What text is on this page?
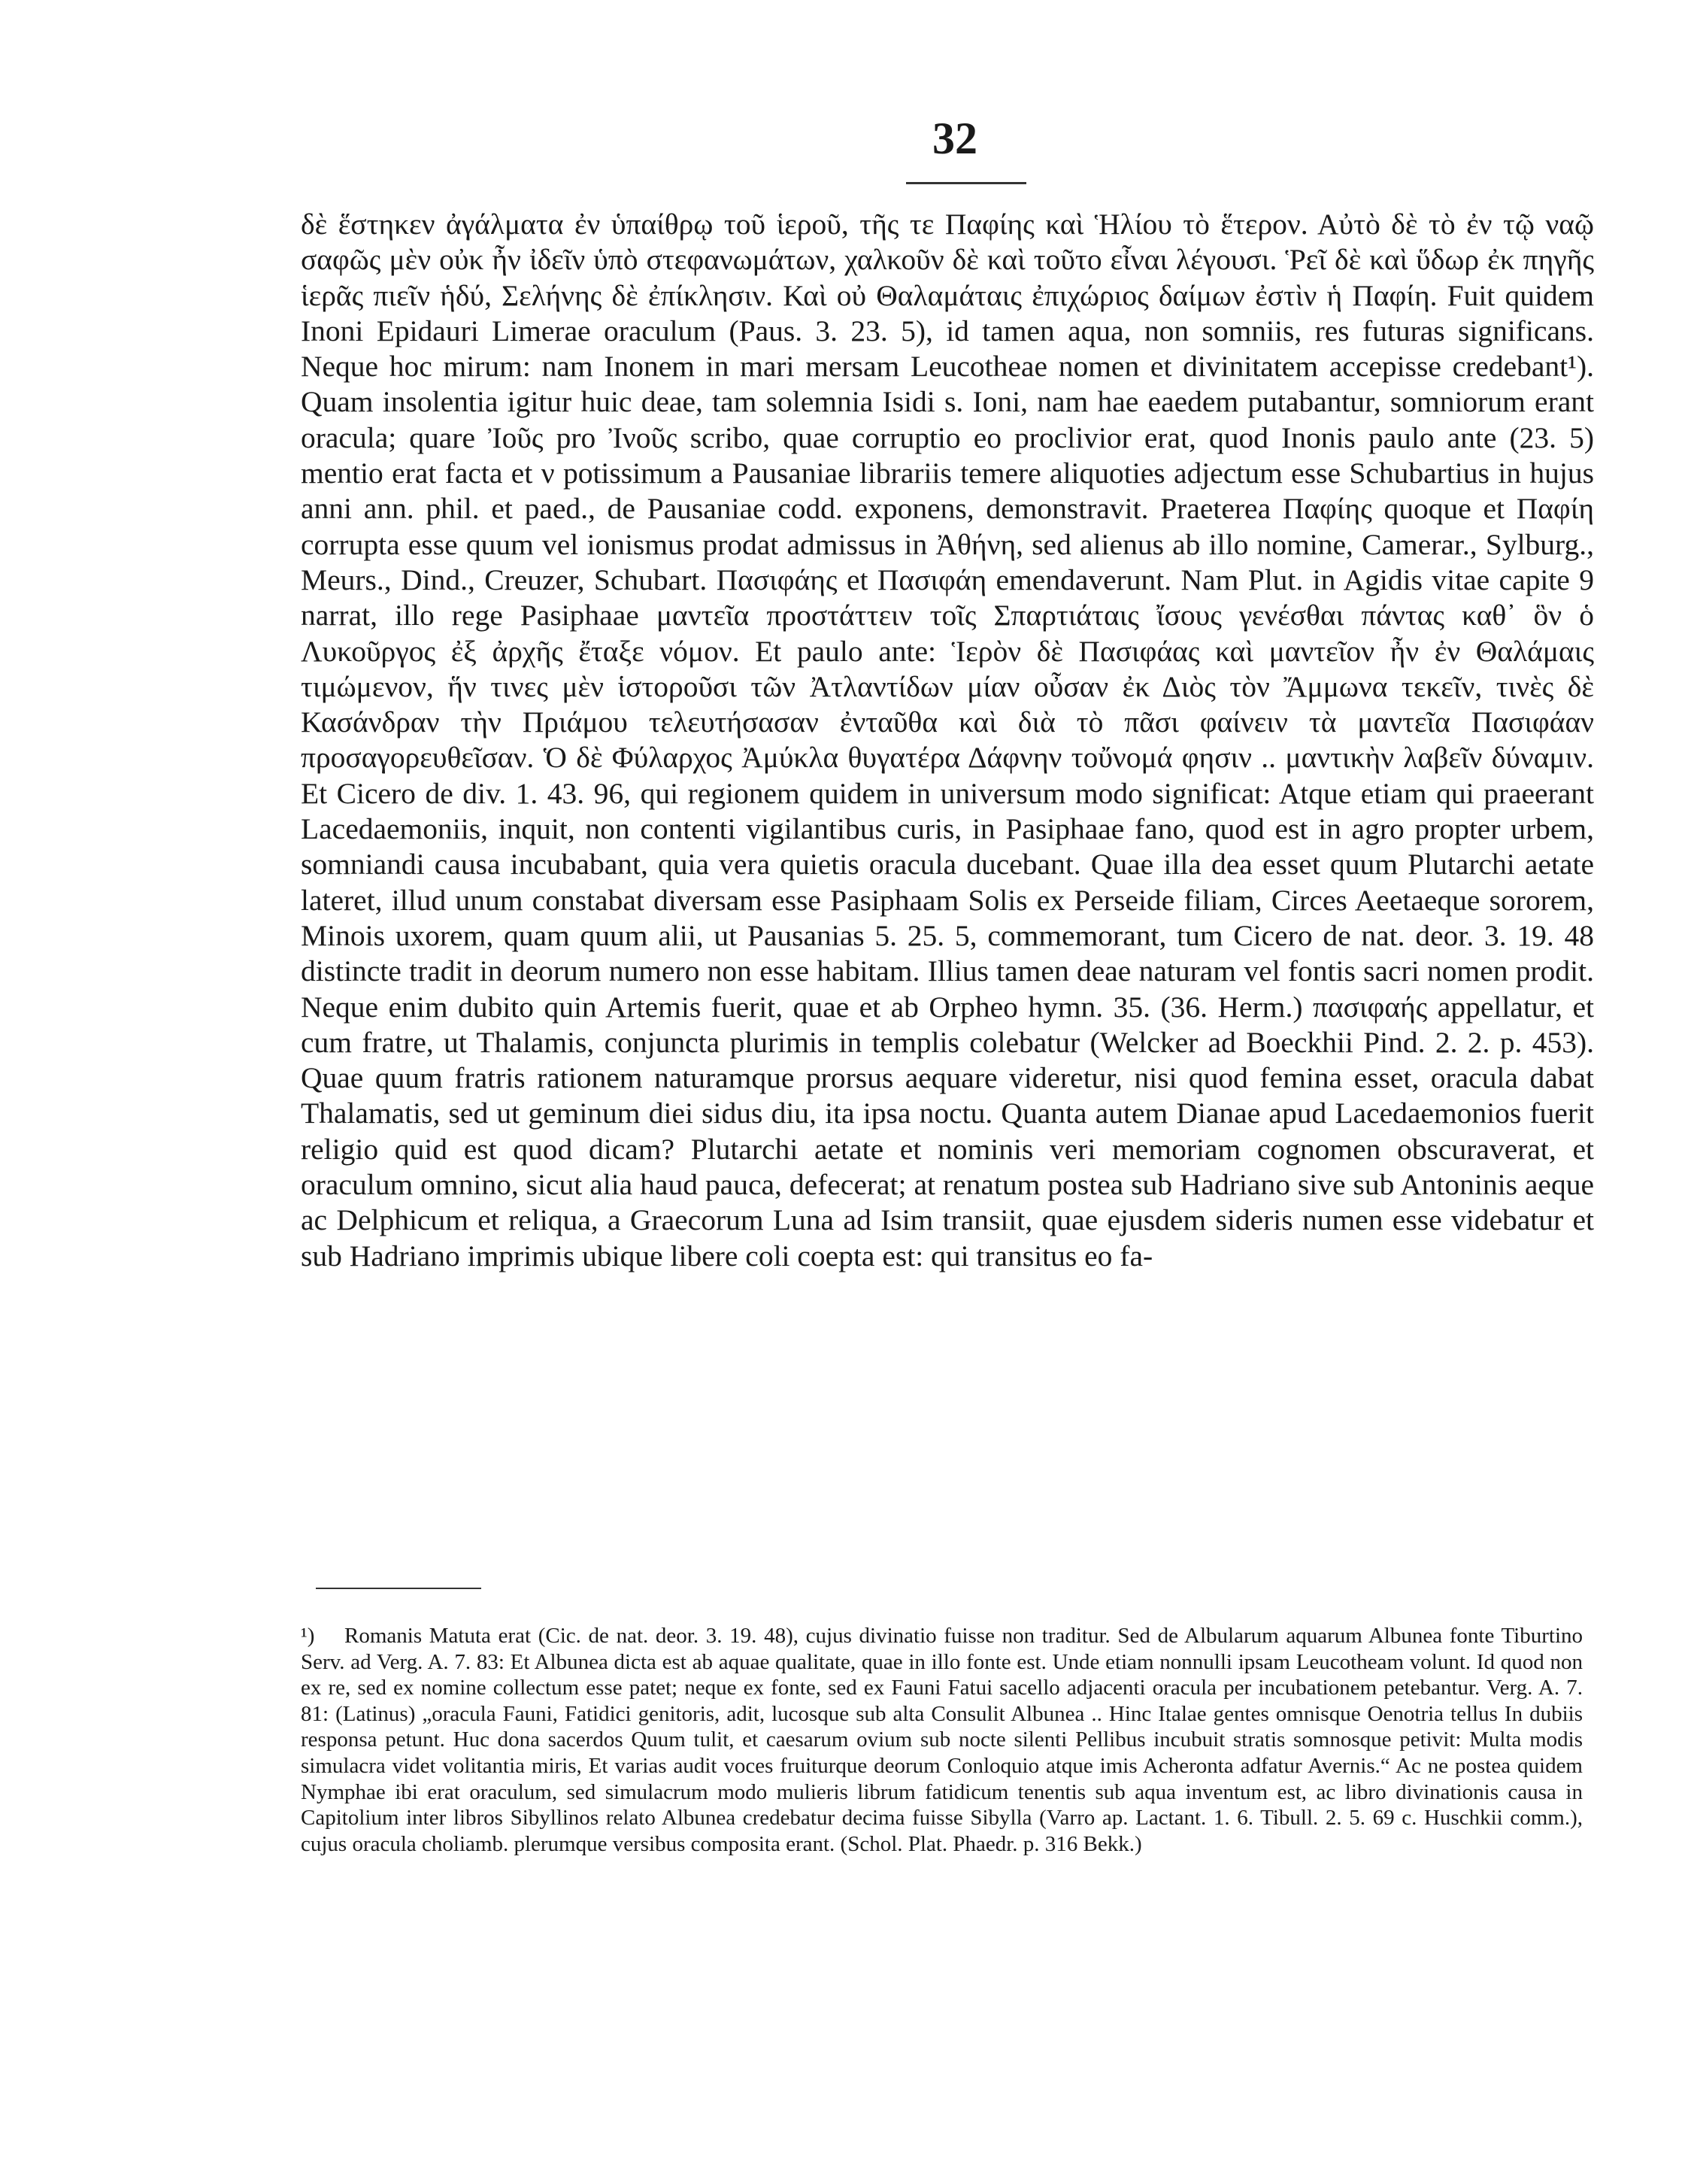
32

δὲ ἕστηκεν ἀγάλματα ἐν ὑπαίθρῳ τοῦ ἱεροῦ, τῆς τε Παφίης καὶ Ἡλίου τὸ ἕτερον. Αὐτὸ δὲ τὸ ἐν τῷ ναῷ σαφῶς μὲν οὐκ ἦν ἰδεῖν ὑπὸ στεφανωμάτων, χαλκοῦν δὲ καὶ τοῦτο εἶναι λέγουσι. Ῥεῖ δὲ καὶ ὕδωρ ἐκ πηγῆς ἱερᾶς πιεῖν ἡδύ, Σελήνης δὲ ἐπίκλησιν. Καὶ οὐ Θαλαμάταις ἐπιχώριος δαίμων ἐστὶν ἡ Παφίη. Fuit quidem Inoni Epidauri Limerae oraculum (Paus. 3. 23. 5), id tamen aqua, non somniis, res futuras significans. Neque hoc mirum: nam Inonem in mari mersam Leucotheae nomen et divinitatem accepisse credebant¹). Quam insolentia igitur huic deae, tam solemnia Isidi s. Ioni, nam hae eaedem putabantur, somniorum erant oracula; quare Ἰοῦς pro Ἰνοῦς scribo, quae corruptio eo proclivior erat, quod Inonis paulo ante (23. 5) mentio erat facta et ν potissimum a Pausaniae librariis temere aliquoties adjectum esse Schubartius in hujus anni ann. phil. et paed., de Pausaniae codd. exponens, demonstravit. Praeterea Παφίης quoque et Παφίη corrupta esse quum vel ionismus prodat admissus in Ἀθήνη, sed alienus ab illo nomine, Camerar., Sylburg., Meurs., Dind., Creuzer, Schubart. Πασιφάης et Πασιφάη emendaverunt. Nam Plut. in Agidis vitae capite 9 narrat, illo rege Pasiphaae μαντεῖα προστάττειν τοῖς Σπαρτιάταις ἴσους γενέσθαι πάντας καθ᾿ ὃν ὁ Λυκοῦργος ἐξ ἀρχῆς ἔταξε νόμον. Et paulo ante: Ἱερὸν δὲ Πασιφάας καὶ μαντεῖον ἦν ἐν Θαλάμαις τιμώμενον, ἥν τινες μὲν ἱστοροῦσι τῶν Ἀτλαντίδων μίαν οὖσαν ἐκ Διὸς τὸν Ἄμμωνα τεκεῖν, τινὲς δὲ Κασάνδραν τὴν Πριάμου τελευτήσασαν ἐνταῦθα καὶ διὰ τὸ πᾶσι φαίνειν τὰ μαντεῖα Πασιφάαν προσαγορευθεῖσαν. Ὁ δὲ Φύλαρχος Ἀμύκλα θυγατέρα Δάφνην τοὔνομά φησιν .. μαντικὴν λαβεῖν δύναμιν. Et Cicero de div. 1. 43. 96, qui regionem quidem in universum modo significat: Atque etiam qui praeerant Lacedaemoniis, inquit, non contenti vigilantibus curis, in Pasiphaae fano, quod est in agro propter urbem, somniandi causa incubabant, quia vera quietis oracula ducebant. Quae illa dea esset quum Plutarchi aetate lateret, illud unum constabat diversam esse Pasiphaam Solis ex Perseide filiam, Circes Aeetaeque sororem, Minois uxorem, quam quum alii, ut Pausanias 5. 25. 5, commemorant, tum Cicero de nat. deor. 3. 19. 48 distincte tradit in deorum numero non esse habitam. Illius tamen deae naturam vel fontis sacri nomen prodit. Neque enim dubito quin Artemis fuerit, quae et ab Orpheo hymn. 35. (36. Herm.) πασιφαής appellatur, et cum fratre, ut Thalamis, conjuncta plurimis in templis colebatur (Welcker ad Boeckhii Pind. 2. 2. p. 453). Quae quum fratris rationem naturamque prorsus aequare videretur, nisi quod femina esset, oracula dabat Thalamatis, sed ut geminum diei sidus diu, ita ipsa noctu. Quanta autem Dianae apud Lacedaemonios fuerit religio quid est quod dicam? Plutarchi aetate et nominis veri memoriam cognomen obscuraverat, et oraculum omnino, sicut alia haud pauca, defecerat; at renatum postea sub Hadriano sive sub Antoninis aeque ac Delphicum et reliqua, a Graecorum Luna ad Isim transiit, quae ejusdem sideris numen esse videbatur et sub Hadriano imprimis ubique libere coli coepta est: qui transitus eo fa-

¹) Romanis Matuta erat (Cic. de nat. deor. 3. 19. 48), cujus divinatio fuisse non traditur. Sed de Albularum aquarum Albunea fonte Tiburtino Serv. ad Verg. A. 7. 83: Et Albunea dicta est ab aquae qualitate, quae in illo fonte est. Unde etiam nonnulli ipsam Leucotheam volunt. Id quod non ex re, sed ex nomine collectum esse patet; neque ex fonte, sed ex Fauni Fatui sacello adjacenti oracula per incubationem petebantur. Verg. A. 7. 81: (Latinus) „oracula Fauni, Fatidici genitoris, adit, lucosque sub alta Consulit Albunea .. Hinc Italae gentes omnisque Oenotria tellus In dubiis responsa petunt. Huc dona sacerdos Quum tulit, et caesarum ovium sub nocte silenti Pellibus incubuit stratis somnosque petivit: Multa modis simulacra videt volitantia miris, Et varias audit voces fruiturque deorum Conloquio atque imis Acheronta adfatur Avernis.“ Ac ne postea quidem Nymphae ibi erat oraculum, sed simulacrum modo mulieris librum fatidicum tenentis sub aqua inventum est, ac libro divinationis causa in Capitolium inter libros Sibyllinos relato Albunea credebatur decima fuisse Sibylla (Varro ap. Lactant. 1. 6. Tibull. 2. 5. 69 c. Huschkii comm.), cujus oracula choliamb. plerumque versibus composita erant. (Schol. Plat. Phaedr. p. 316 Bekk.)
